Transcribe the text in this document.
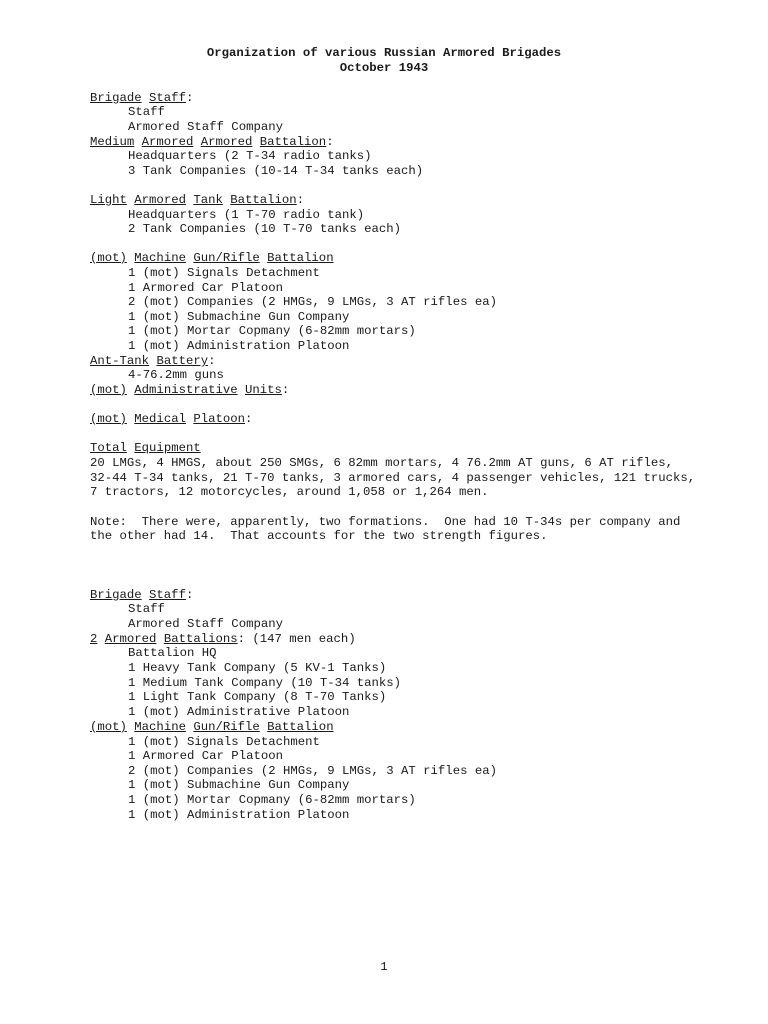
Organization of various Russian Armored Brigades
October 1943
Brigade Staff:
Staff
Armored Staff Company
Medium Armored Armored Battalion:
Headquarters (2 T-34 radio tanks)
3 Tank Companies (10-14 T-34 tanks each)
Light Armored Tank Battalion:
Headquarters (1 T-70 radio tank)
2 Tank Companies (10 T-70 tanks each)
(mot) Machine Gun/Rifle Battalion
1 (mot) Signals Detachment
1 Armored Car Platoon
2 (mot) Companies (2 HMGs, 9 LMGs, 3 AT rifles ea)
1 (mot) Submachine Gun Company
1 (mot) Mortar Copmany (6-82mm mortars)
1 (mot) Administration Platoon
Ant-Tank Battery:
4-76.2mm guns
(mot) Administrative Units:
(mot) Medical Platoon:
Total Equipment
20 LMGs, 4 HMGS, about 250 SMGs, 6 82mm mortars, 4 76.2mm AT guns, 6 AT rifles,
32-44 T-34 tanks, 21 T-70 tanks, 3 armored cars, 4 passenger vehicles, 121 trucks,
7 tractors, 12 motorcycles, around 1,058 or 1,264 men.
Note:  There were, apparently, two formations.  One had 10 T-34s per company and
the other had 14.  That accounts for the two strength figures.
Brigade Staff:
Staff
Armored Staff Company
2 Armored Battalions: (147 men each)
Battalion HQ
1 Heavy Tank Company (5 KV-1 Tanks)
1 Medium Tank Company (10 T-34 tanks)
1 Light Tank Company (8 T-70 Tanks)
1 (mot) Administrative Platoon
(mot) Machine Gun/Rifle Battalion
1 (mot) Signals Detachment
1 Armored Car Platoon
2 (mot) Companies (2 HMGs, 9 LMGs, 3 AT rifles ea)
1 (mot) Submachine Gun Company
1 (mot) Mortar Copmany (6-82mm mortars)
1 (mot) Administration Platoon
1
